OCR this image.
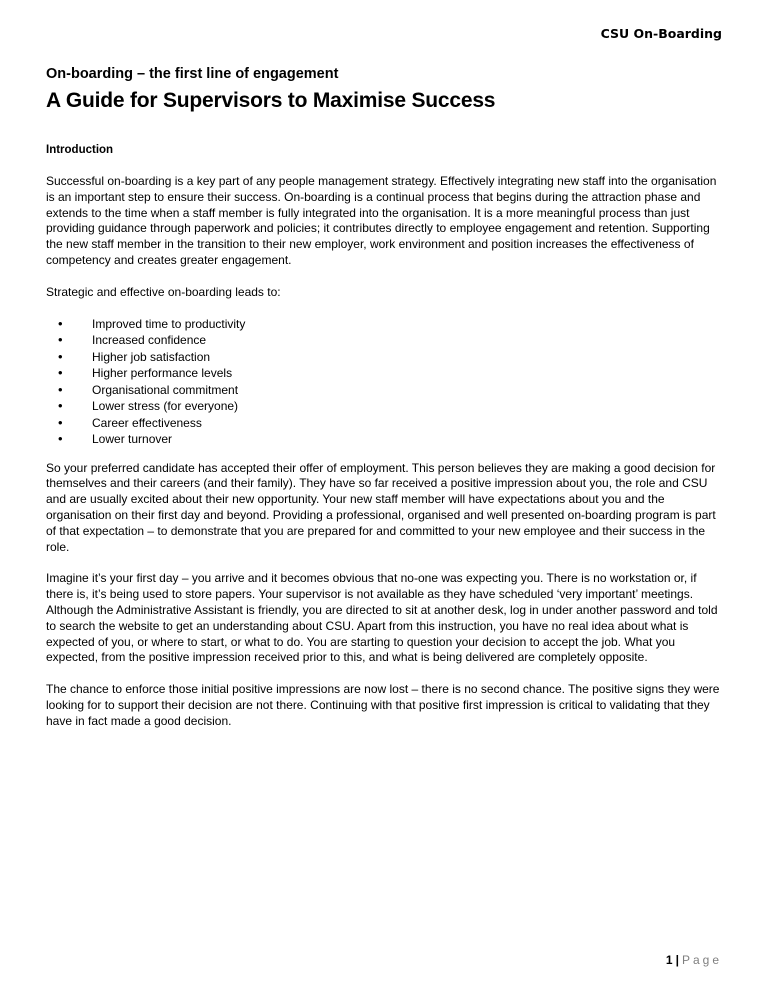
CSU On-Boarding
On-boarding – the first line of engagement
A Guide for Supervisors to Maximise Success
Introduction

Successful on-boarding is a key part of any people management strategy. Effectively integrating new staff into the organisation is an important step to ensure their success. On-boarding is a continual process that begins during the attraction phase and extends to the time when a staff member is fully integrated into the organisation. It is a more meaningful process than just providing guidance through paperwork and policies; it contributes directly to employee engagement and retention. Supporting the new staff member in the transition to their new employer, work environment and position increases the effectiveness of competency and creates greater engagement.

Strategic and effective on-boarding leads to:

• Improved time to productivity
• Increased confidence
• Higher job satisfaction
• Higher performance levels
• Organisational commitment
• Lower stress (for everyone)
• Career effectiveness
• Lower turnover

So your preferred candidate has accepted their offer of employment. This person believes they are making a good decision for themselves and their careers (and their family). They have so far received a positive impression about you, the role and CSU and are usually excited about their new opportunity. Your new staff member will have expectations about you and the organisation on their first day and beyond. Providing a professional, organised and well presented on-boarding program is part of that expectation – to demonstrate that you are prepared for and committed to your new employee and their success in the role.

Imagine it’s your first day – you arrive and it becomes obvious that no-one was expecting you. There is no workstation or, if there is, it’s being used to store papers. Your supervisor is not available as they have scheduled ‘very important’ meetings. Although the Administrative Assistant is friendly, you are directed to sit at another desk, log in under another password and told to search the website to get an understanding about CSU. Apart from this instruction, you have no real idea about what is expected of you, or where to start, or what to do. You are starting to question your decision to accept the job. What you expected, from the positive impression received prior to this, and what is being delivered are completely opposite.

The chance to enforce those initial positive impressions are now lost – there is no second chance. The positive signs they were looking for to support their decision are not there. Continuing with that positive first impression is critical to validating that they have in fact made a good decision.

1 | Page
